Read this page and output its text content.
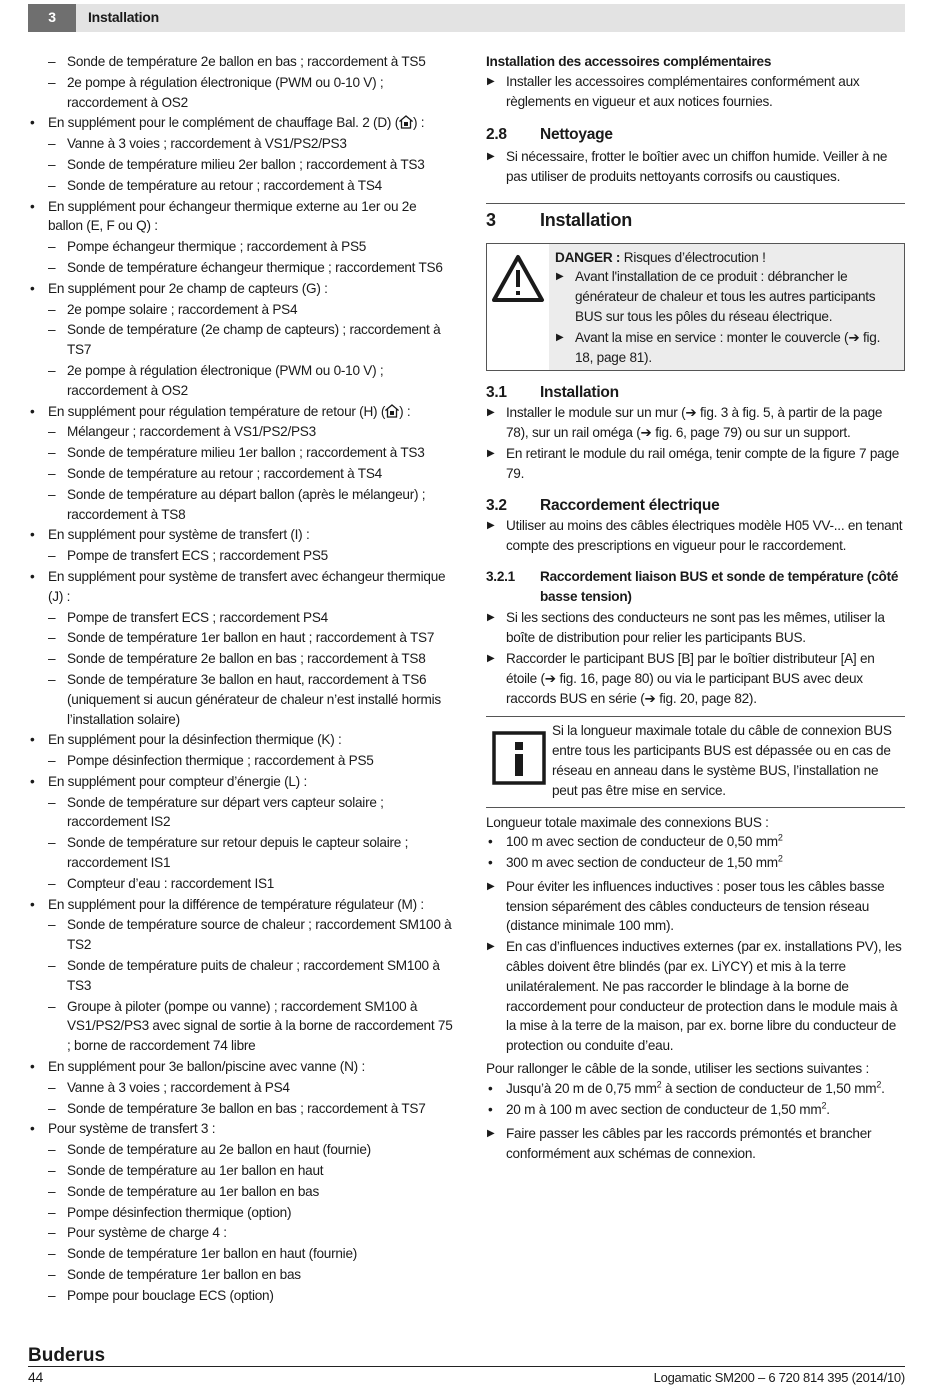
3	Installation
– Sonde de température 2e ballon en bas ; raccordement à TS5
– 2e pompe à régulation électronique (PWM ou 0-10 V) ; raccordement à OS2
• En supplément pour le complément de chauffage Bal. 2 (D) ( ) :
– Vanne à 3 voies ; raccordement à VS1/PS2/PS3
– Sonde de température milieu 2er ballon ; raccordement à TS3
– Sonde de température au retour ; raccordement à TS4
• En supplément pour échangeur thermique externe au 1er ou 2e ballon (E, F ou Q) :
– Pompe échangeur thermique ; raccordement à PS5
– Sonde de température échangeur thermique ; raccordement TS6
• En supplément pour 2e champ de capteurs (G) :
– 2e pompe solaire ; raccordement à PS4
– Sonde de température (2e champ de capteurs) ; raccordement à TS7
– 2e pompe à régulation électronique (PWM ou 0-10 V) ; raccordement à OS2
• En supplément pour régulation température de retour (H) ( ) :
– Mélangeur ; raccordement à VS1/PS2/PS3
– Sonde de température milieu 1er ballon ; raccordement à TS3
– Sonde de température au retour ; raccordement à TS4
– Sonde de température au départ ballon (après le mélangeur) ; raccordement à TS8
• En supplément pour système de transfert (I) :
– Pompe de transfert ECS ; raccordement PS5
• En supplément pour système de transfert avec échangeur thermique (J) :
– Pompe de transfert ECS ; raccordement PS4
– Sonde de température 1er ballon en haut ; raccordement à TS7
– Sonde de température 2e ballon en bas ; raccordement à TS8
– Sonde de température 3e ballon en haut, raccordement à TS6 (uniquement si aucun générateur de chaleur n’est installé hormis l’installation solaire)
• En supplément pour la désinfection thermique (K) :
– Pompe désinfection thermique ; raccordement à PS5
• En supplément pour compteur d’énergie (L) :
– Sonde de température sur départ vers capteur solaire ; raccordement IS2
– Sonde de température sur retour depuis le capteur solaire ; raccordement IS1
– Compteur d’eau : raccordement IS1
• En supplément pour la différence de température régulateur (M) :
– Sonde de température source de chaleur ; raccordement SM100 à TS2
– Sonde de température puits de chaleur ; raccordement SM100 à TS3
– Groupe à piloter (pompe ou vanne) ; raccordement SM100 à VS1/PS2/PS3 avec signal de sortie à la borne de raccordement 75 ; borne de raccordement 74 libre
• En supplément pour 3e ballon/piscine avec vanne (N) :
– Vanne à 3 voies ; raccordement à PS4
– Sonde de température 3e ballon en bas ; raccordement à TS7
• Pour système de transfert 3 :
– Sonde de température au 2e ballon en haut (fournie)
– Sonde de température au 1er ballon en haut
– Sonde de température au 1er ballon en bas
– Pompe désinfection thermique (option)
– Pour système de charge 4 :
– Sonde de température 1er ballon en haut (fournie)
– Sonde de température 1er ballon en bas
– Pompe pour bouclage ECS (option)

Installation des accessoires complémentaires

▶ Installer les accessoires complémentaires conformément aux règlements en vigueur et aux notices fournies.
2.8	Nettoyage
▶ Si nécessaire, frotter le boîtier avec un chiffon humide. Veiller à ne pas utiliser de produits nettoyants corrosifs ou caustiques.
3	Installation

DANGER : Risques d’électrocution !

▶ Avant l'installation de ce produit : débrancher le générateur de chaleur et tous les autres participants BUS sur tous les pôles du réseau électrique.
▶ Avant la mise en service : monter le couvercle (➔ fig. 18, page 81).
3.1	Installation
▶ Installer le module sur un mur (➔ fig. 3 à fig. 5, à partir de la page 78), sur un rail oméga (➔ fig. 6, page 79) ou sur un support.
▶ En retirant le module du rail oméga, tenir compte de la figure 7 page 79.
3.2	Raccordement électrique
▶ Utiliser au moins des câbles électriques modèle H05 VV-... en tenant compte des prescriptions en vigueur pour le raccordement.
3.2.1	Raccordement liaison BUS et sonde de température (côté basse tension)
▶ Si les sections des conducteurs ne sont pas les mêmes, utiliser la boîte de distribution pour relier les participants BUS.
▶ Raccorder le participant BUS [B] par le boîtier distributeur [A] en étoile (➔ fig. 16, page 80) ou via le participant BUS avec deux raccords BUS en série (➔ fig. 20, page 82).
Si la longueur maximale totale du câble de connexion BUS entre tous les participants BUS est dépassée ou en cas de réseau en anneau dans le système BUS, l’installation ne peut pas être mise en service.

Longueur totale maximale des connexions BUS :

• 100 m avec section de conducteur de 0,50 $mm^2$
• 300 m avec section de conducteur de 1,50 $mm^2$
▶ Pour éviter les influences inductives : poser tous les câbles basse tension séparément des câbles conducteurs de tension réseau (distance minimale 100 mm).
▶ En cas d’influences inductives externes (par ex. installations PV), les câbles doivent être blindés (par ex. LiYCY) et mis à la terre unilatéralement. Ne pas raccorder le blindage à la borne de raccordement pour conducteur de protection dans le module mais à la mise à la terre de la maison, par ex. borne libre du conducteur de protection ou conduite d’eau.

Pour rallonger le câble de la sonde, utiliser les sections suivantes :

• Jusqu’à 20 m de 0,75 $mm^2$ à section de conducteur de 1,50 $mm^2$.
• 20 m à 100 m avec section de conducteur de 1,50 $mm^2$.
▶ Faire passer les câbles par les raccords prémontés et brancher conformément aux schémas de connexion.
Buderus
44	Logamatic SM200 – 6 720 814 395 (2014/10)
